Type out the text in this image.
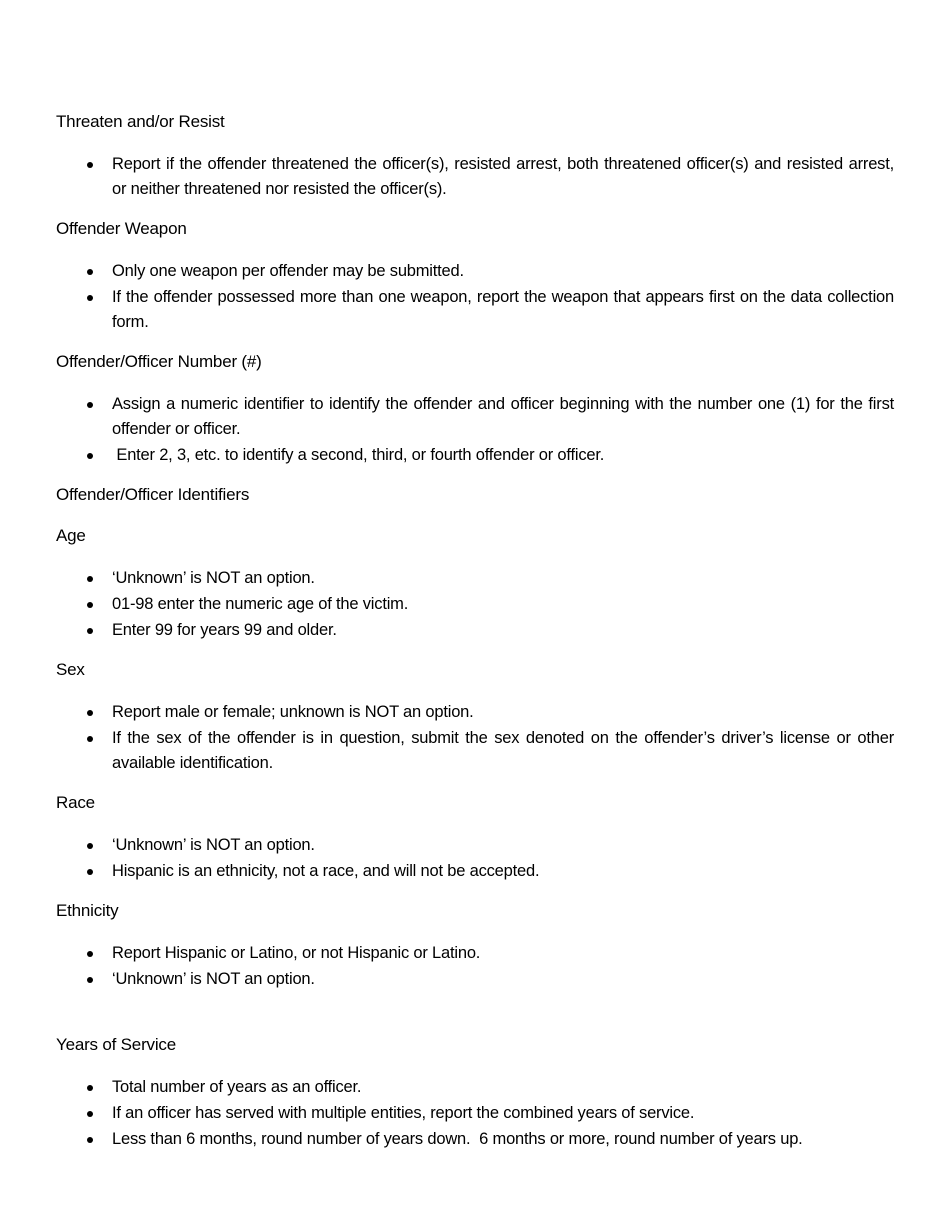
Threaten and/or Resist
Report if the offender threatened the officer(s), resisted arrest, both threatened officer(s) and resisted arrest, or neither threatened nor resisted the officer(s).
Offender Weapon
Only one weapon per offender may be submitted.
If the offender possessed more than one weapon, report the weapon that appears first on the data collection form.
Offender/Officer Number (#)
Assign a numeric identifier to identify the offender and officer beginning with the number one (1) for the first offender or officer.
Enter 2, 3, etc. to identify a second, third, or fourth offender or officer.
Offender/Officer Identifiers
Age
‘Unknown’ is NOT an option.
01-98 enter the numeric age of the victim.
Enter 99 for years 99 and older.
Sex
Report male or female; unknown is NOT an option.
If the sex of the offender is in question, submit the sex denoted on the offender’s driver’s license or other available identification.
Race
‘Unknown’ is NOT an option.
Hispanic is an ethnicity, not a race, and will not be accepted.
Ethnicity
Report Hispanic or Latino, or not Hispanic or Latino.
‘Unknown’ is NOT an option.
Years of Service
Total number of years as an officer.
If an officer has served with multiple entities, report the combined years of service.
Less than 6 months, round number of years down.  6 months or more, round number of years up.
